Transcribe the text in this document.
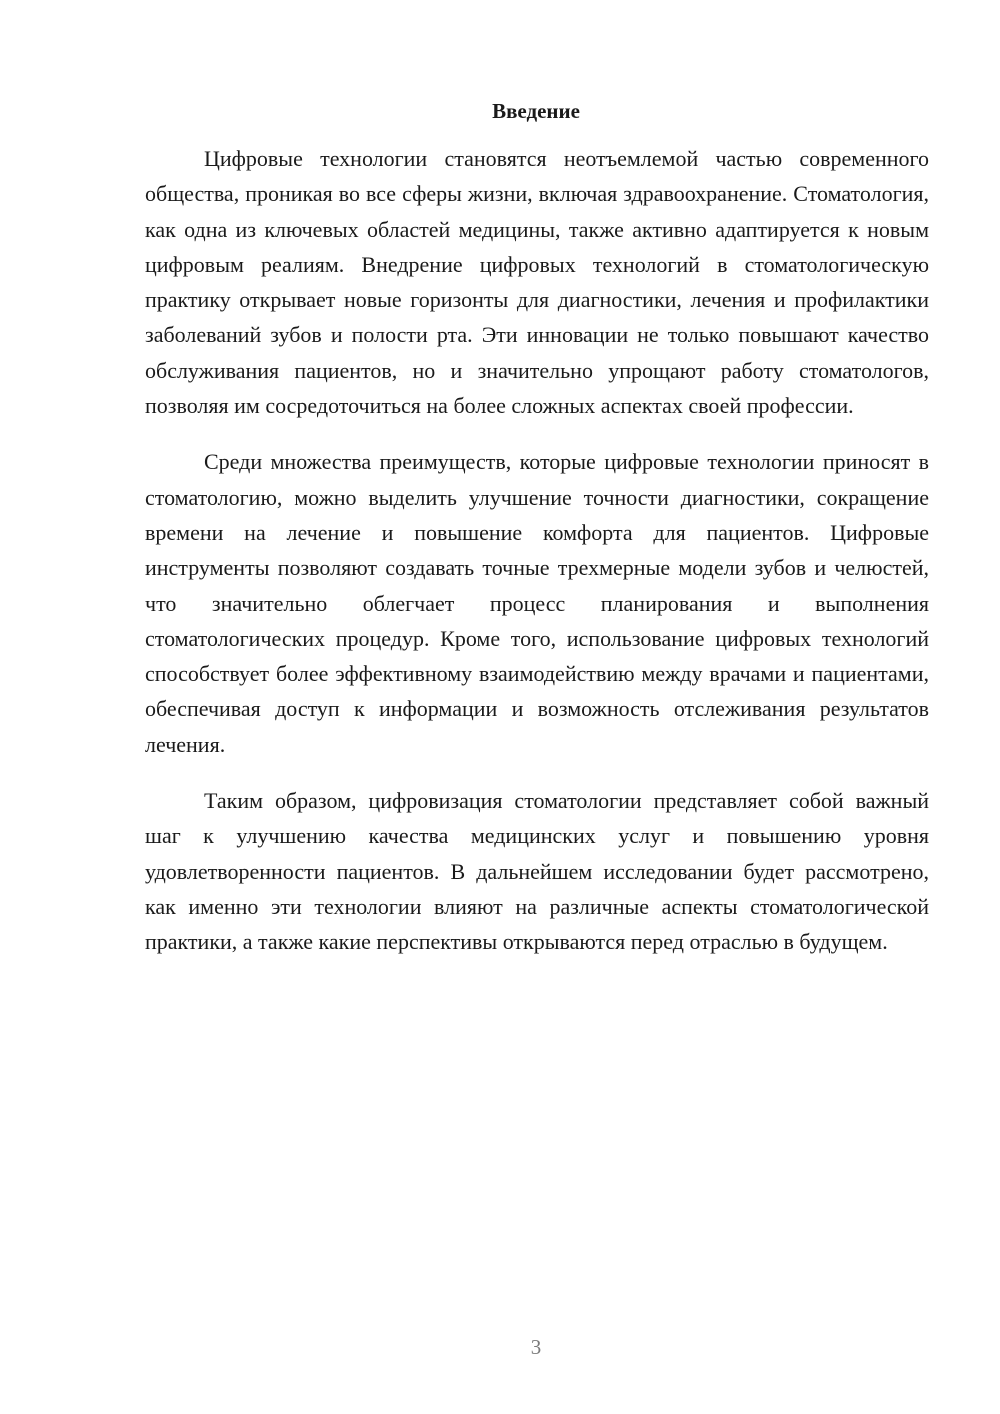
Введение

Цифровые технологии становятся неотъемлемой частью современного общества, проникая во все сферы жизни, включая здравоохранение. Стоматология, как одна из ключевых областей медицины, также активно адаптируется к новым цифровым реалиям. Внедрение цифровых технологий в стоматологическую практику открывает новые горизонты для диагностики, лечения и профилактики заболеваний зубов и полости рта. Эти инновации не только повышают качество обслуживания пациентов, но и значительно упрощают работу стоматологов, позволяя им сосредоточиться на более сложных аспектах своей профессии.

Среди множества преимуществ, которые цифровые технологии приносят в стоматологию, можно выделить улучшение точности диагностики, сокращение времени на лечение и повышение комфорта для пациентов. Цифровые инструменты позволяют создавать точные трехмерные модели зубов и челюстей, что значительно облегчает процесс планирования и выполнения стоматологических процедур. Кроме того, использование цифровых технологий способствует более эффективному взаимодействию между врачами и пациентами, обеспечивая доступ к информации и возможность отслеживания результатов лечения.

Таким образом, цифровизация стоматологии представляет собой важный шаг к улучшению качества медицинских услуг и повышению уровня удовлетворенности пациентов. В дальнейшем исследовании будет рассмотрено, как именно эти технологии влияют на различные аспекты стоматологической практики, а также какие перспективы открываются перед отраслью в будущем.

3
